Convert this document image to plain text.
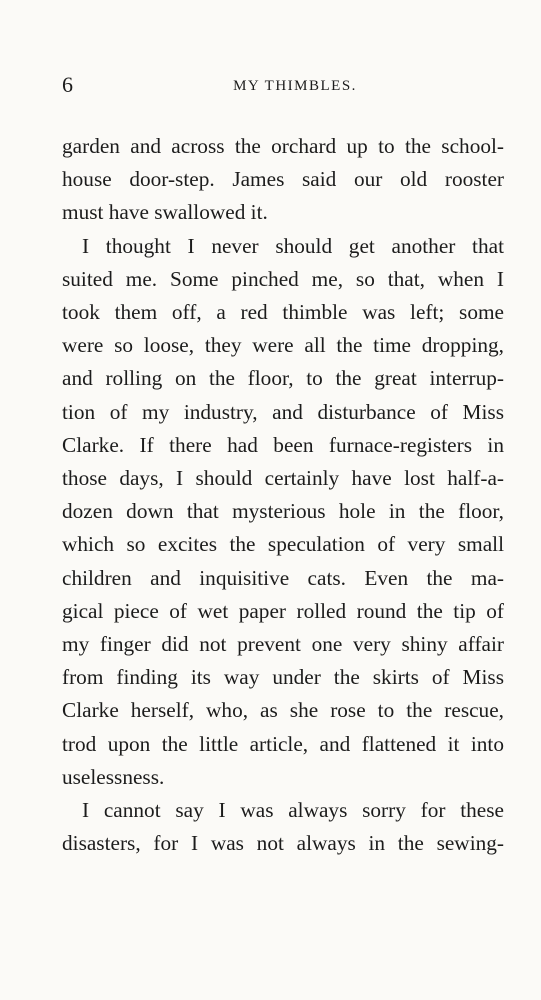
6	MY THIMBLES.

garden and across the orchard up to the school-
house door-step. James said our old rooster
must have swallowed it.

I thought I never should get another that
suited me. Some pinched me, so that, when I
took them off, a red thimble was left; some
were so loose, they were all the time dropping,
and rolling on the floor, to the great interrup-
tion of my industry, and disturbance of Miss
Clarke. If there had been furnace-registers in
those days, I should certainly have lost half-a-
dozen down that mysterious hole in the floor,
which so excites the speculation of very small
children and inquisitive cats. Even the ma-
gical piece of wet paper rolled round the tip of
my finger did not prevent one very shiny affair
from finding its way under the skirts of Miss
Clarke herself, who, as she rose to the rescue,
trod upon the little article, and flattened it into
uselessness.

I cannot say I was always sorry for these
disasters, for I was not always in the sewing-
